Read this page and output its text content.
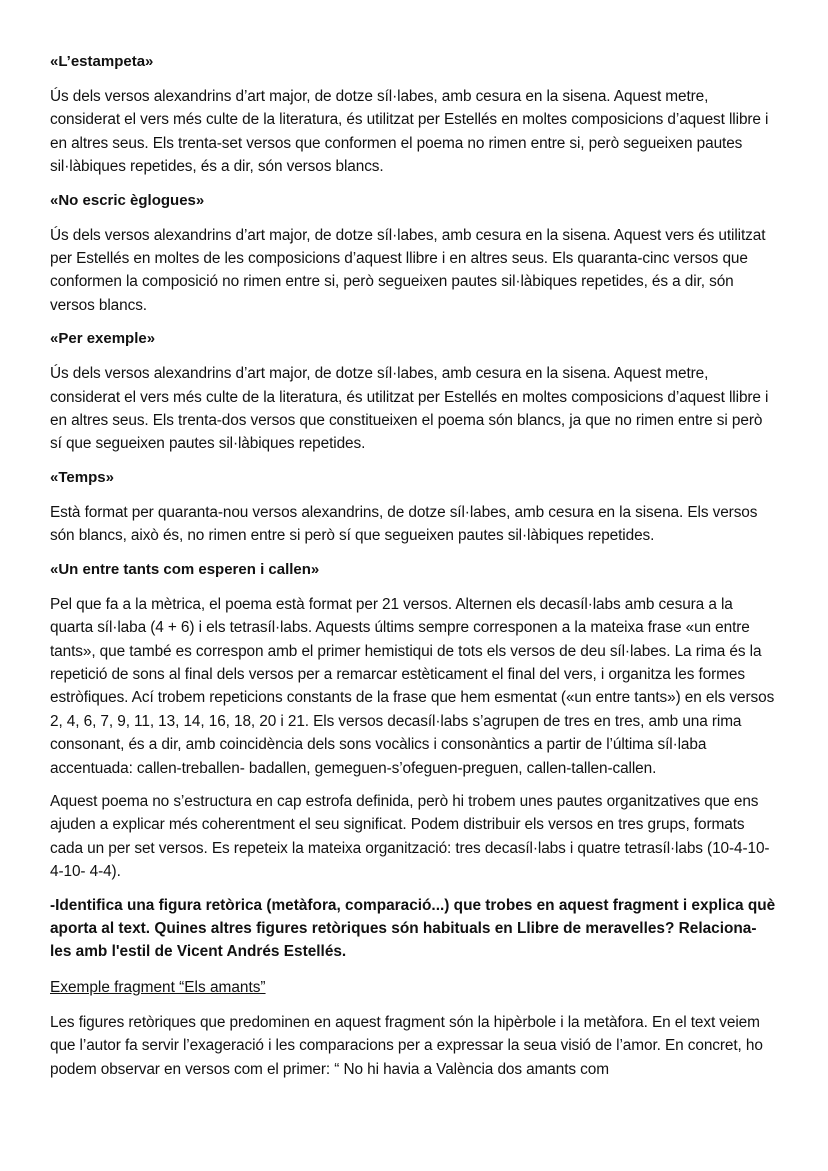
«L’estampeta»
Ús dels versos alexandrins d’art major, de dotze síl·labes, amb cesura en la sisena. Aquest metre, considerat el vers més culte de la literatura, és utilitzat per Estellés en moltes composicions d’aquest llibre i en altres seus. Els trenta-set versos que conformen el poema no rimen entre si, però segueixen pautes sil·làbiques repetides, és a dir, són versos blancs.
«No escric èglogues»
Ús dels versos alexandrins d’art major, de dotze síl·labes, amb cesura en la sisena. Aquest vers és utilitzat per Estellés en moltes de les composicions d’aquest llibre i en altres seus. Els quaranta-cinc versos que conformen la composició no rimen entre si, però segueixen pautes sil·làbiques repetides, és a dir, són versos blancs.
«Per exemple»
Ús dels versos alexandrins d’art major, de dotze síl·labes, amb cesura en la sisena. Aquest metre, considerat el vers més culte de la literatura, és utilitzat per Estellés en moltes composicions d’aquest llibre i en altres seus. Els trenta-dos versos que constitueixen el poema són blancs, ja que no rimen entre si però sí que segueixen pautes sil·làbiques repetides.
«Temps»
Està format per quaranta-nou versos alexandrins, de dotze síl·labes, amb cesura en la sisena. Els versos són blancs, això és, no rimen entre si però sí que segueixen pautes sil·làbiques repetides.
«Un entre tants com esperen i callen»
Pel que fa a la mètrica, el poema està format per 21 versos. Alternen els decasíl·labs amb cesura a la quarta síl·laba (4 + 6) i els tetrasíl·labs. Aquests últims sempre corresponen a la mateixa frase «un entre tants», que també es correspon amb el primer hemistiqui de tots els versos de deu síl·labes. La rima és la repetició de sons al final dels versos per a remarcar estèticament el final del vers, i organitza les formes estròfiques. Ací trobem repeticions constants de la frase que hem esmentat («un entre tants») en els versos 2, 4, 6, 7, 9, 11, 13, 14, 16, 18, 20 i 21. Els versos decasíl·labs s’agrupen de tres en tres, amb una rima consonant, és a dir, amb coincidència dels sons vocàlics i consonàntics a partir de l’última síl·laba accentuada: callen-treballen- badallen, gemeguen-s’ofeguen-preguen, callen-tallen-callen.
Aquest poema no s’estructura en cap estrofa definida, però hi trobem unes pautes organitzatives que ens ajuden a explicar més coherentment el seu significat. Podem distribuir els versos en tres grups, formats cada un per set versos. Es repeteix la mateixa organització: tres decasíl·labs i quatre tetrasíl·labs (10-4-10-4-10- 4-4).
-Identifica una figura retòrica (metàfora, comparació...) que trobes en aquest fragment i explica què aporta al text. Quines altres figures retòriques són habituals en Llibre de meravelles? Relaciona-les amb l'estil de Vicent Andrés Estellés.
Exemple fragment “Els amants”
Les figures retòriques que predominen en aquest fragment són la hipèrbole i la metàfora. En el text veiem que l’autor fa servir l’exageració i les comparacions per a expressar la seua visió de l’amor. En concret, ho podem observar en versos com el primer: “ No hi havia a València dos amants com
